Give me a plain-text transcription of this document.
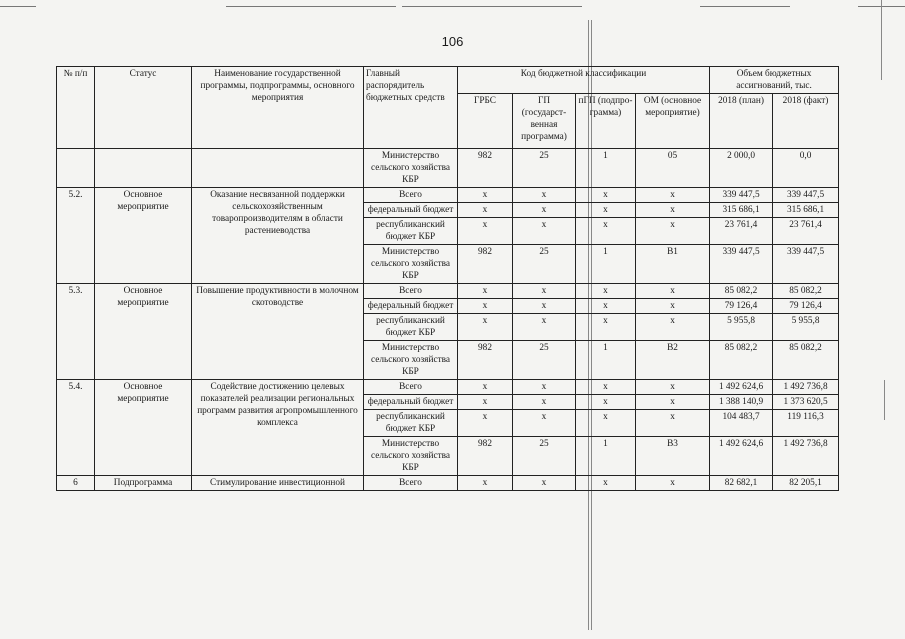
106
№ п/п	Статус	Наименование государственной программы, подпрограммы, основного мероприятия	Главный распорядитель бюджетных средств	Код бюджетной классификации				Объем бюджетных ассигнований, тыс.	
				ГРБС	ГП (государст-венная программа)	пГП (подпро-грамма)	ОМ (основное мероприятие)	2018 (план)	2018 (факт)
			Министерство сельского хозяйства КБР	982	25	1	05	2 000,0	0,0
5.2.	Основное мероприятие	Оказание несвязанной поддержки сельскохозяйственным товаропроизводителям в области растениеводства	Всего	x	x	x	x	339 447,5	339 447,5
			федеральный бюджет	x	x	x	x	315 686,1	315 686,1
			республиканский бюджет КБР	x	x	x	x	23 761,4	23 761,4
			Министерство сельского хозяйства КБР	982	25	1	B1	339 447,5	339 447,5
5.3.	Основное мероприятие	Повышение продуктивности в молочном скотоводстве	Всего	x	x	x	x	85 082,2	85 082,2
			федеральный бюджет	x	x	x	x	79 126,4	79 126,4
			республиканский бюджет КБР	x	x	x	x	5 955,8	5 955,8
			Министерство сельского хозяйства КБР	982	25	1	B2	85 082,2	85 082,2
5.4.	Основное мероприятие	Содействие достижению целевых показателей реализации региональных программ развития агропромышленного комплекса	Всего	x	x	x	x	1 492 624,6	1 492 736,8
			федеральный бюджет	x	x	x	x	1 388 140,9	1 373 620,5
			республиканский бюджет КБР	x	x	x	x	104 483,7	119 116,3
			Министерство сельского хозяйства КБР	982	25	1	B3	1 492 624,6	1 492 736,8
6	Подпрограмма	Стимулирование инвестиционной	Всего	x	x	x	x	82 682,1	82 205,1
